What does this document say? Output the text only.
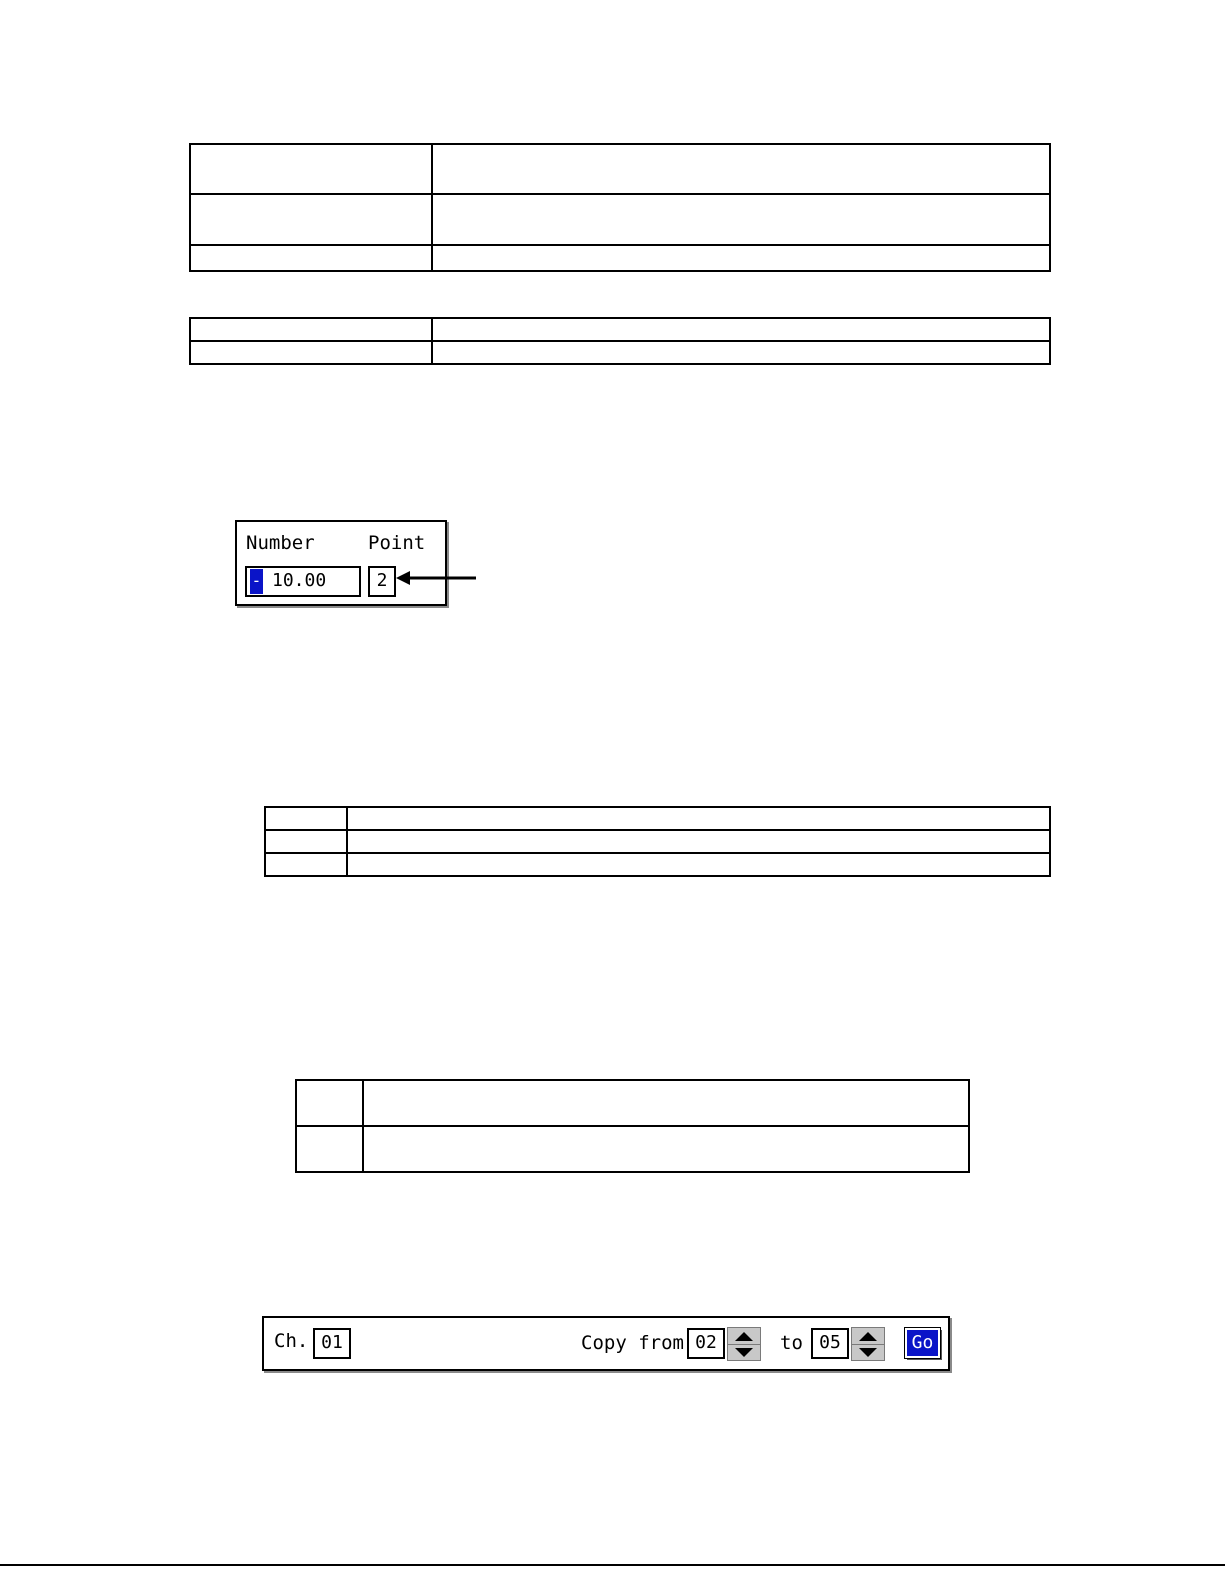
Number	Point
- 10.00	2

Ch. 01	Copy from 02	to 05	Go
